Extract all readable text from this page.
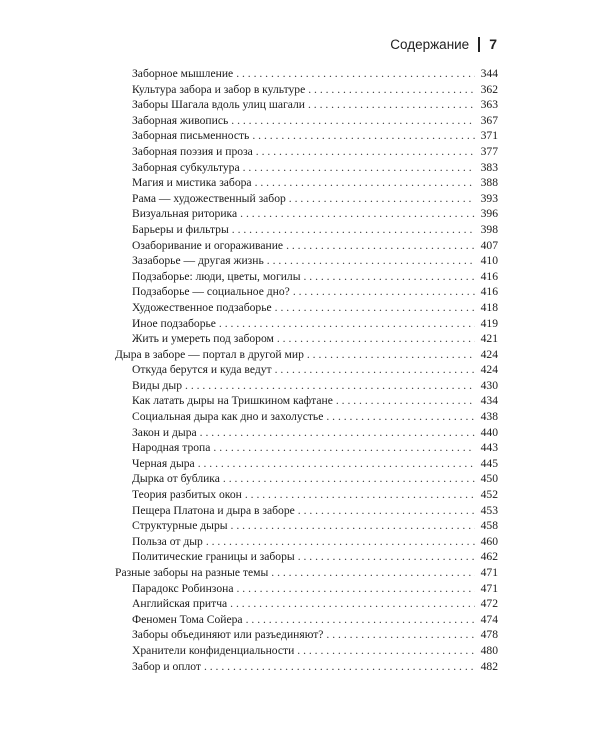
Содержание 7
Заборное мышление . . .	344
Культура забора и забор в культуре . . .	362
Заборы Шагала вдоль улиц шагали . . .	363
Заборная живопись . . .	367
Заборная письменность . . .	371
Заборная поэзия и проза . . .	377
Заборная субкультура . . .	383
Магия и мистика забора . . .	388
Рама — художественный забор . . .	393
Визуальная риторика . . .	396
Барьеры и фильтры . . .	398
Озаборивание и огораживание . . .	407
Зазаборье — другая жизнь . . .	410
Подзаборье: люди, цветы, могилы . . .	416
Подзаборье — социальное дно? . . .	416
Художественное подзаборье . . .	418
Иное подзаборье . . .	419
Жить и умереть под забором . . .	421
Дыра в заборе — портал в другой мир . . .	424
Откуда берутся и куда ведут . . .	424
Виды дыр . . .	430
Как латать дыры на Тришкином кафтане . . .	434
Социальная дыра как дно и захолустье . . .	438
Закон и дыра . . .	440
Народная тропа . . .	443
Черная дыра . . .	445
Дырка от бублика . . .	450
Теория разбитых окон . . .	452
Пещера Платона и дыра в заборе . . .	453
Структурные дыры . . .	458
Польза от дыр . . .	460
Политические границы и заборы . . .	462
Разные заборы на разные темы . . .	471
Парадокс Робинзона . . .	471
Английская притча . . .	472
Феномен Тома Сойера . . .	474
Заборы объединяют или разъединяют? . . .	478
Хранители конфиденциальности . . .	480
Забор и оплот . . .	482
